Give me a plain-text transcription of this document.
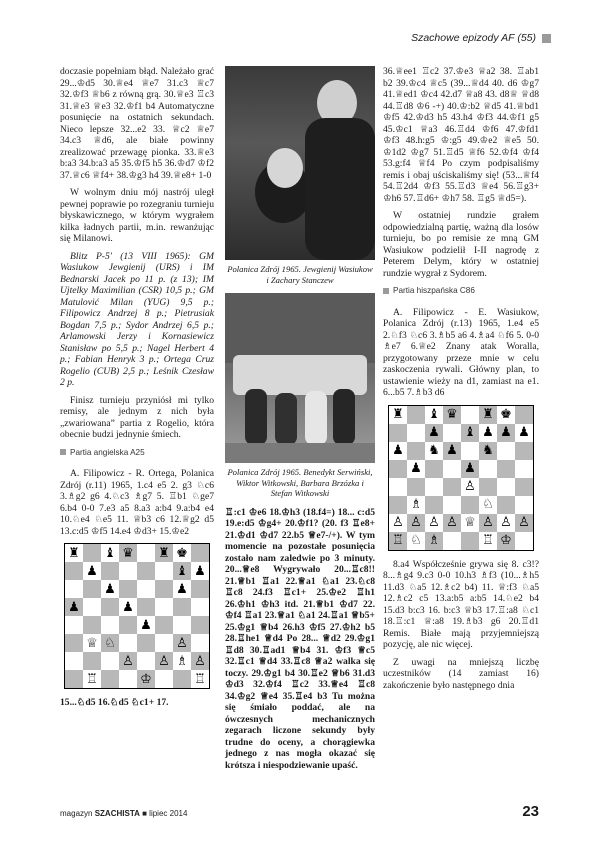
Szachowe epizody AF (55)

doczasie popełniam błąd. Należało grać 29...♔d5 30.♕e4 ♕e7 31.c3 ♕c7 32.♔f3 ♕b6 z równą grą. 30.♕e3 ♖c3 31.♕e3 ♕e3 32.♔f1 b4 Automatyczne posunięcie na ostatnich sekundach. Nieco lepsze 32...e2 33. ♕c2 ♕e7 34.c3 ♕d6, ale białe powinny zrealizować przewagę pionka. 33.♕e3 b:a3 34.b:a3 a5 35.♔f5 h5 36.♔d7 ♔f2 37.♕c6 ♕f4+ 38.♔g3 h4 39.♕e8+ 1-0

W wolnym dniu mój nastrój uległ pewnej poprawie po rozegraniu turnieju błyskawicznego, w którym wygrałem kilka ładnych partii, m.in. rewanżując się Milanowi.

Blitz P-5' (13 VIII 1965): GM Wasiukow Jewgienij (URS) i IM Bednarski Jacek po 11 p. (z 13); IM Ujtelky Maximilian (CSR) 10,5 p.; GM Matulović Milan (YUG) 9,5 p.; Filipowicz Andrzej 8 p.; Pietrusiak Bogdan 7,5 p.; Sydor Andrzej 6,5 p.; Arlamowski Jerzy i Kornasiewicz Stanisław po 5,5 p.; Nagel Herbert 4 p.; Fabian Henryk 3 p.; Ortega Cruz Rogelio (CUB) 2,5 p.; Leśnik Czesław 2 p.

Finisz turnieju przyniósł mi tylko remisy, ale jednym z nich była „zwariowana” partia z Rogelio, która obecnie budzi jednynie śmiech.

Partia angielska A25

A. Filipowicz - R. Ortega, Polanica Zdrój (r.11) 1965, 1.c4 e5 2. g3 ♘c6 3.♗g2 g6 4.♘c3 ♗g7 5. ♖b1 ♘ge7 6.b4 0-0 7.e3 a5 8.a3 a:b4 9.a:b4 e4 10.♘e4 ♘e5 11. ♕b3 c6 12.♕g2 d5 13.c:d5 ♔f5 14.e4 ♔d3+ 15.♔e2

♜ ♝ ♛ ♜ ♚
♟	♝ ♟
♟	♟
♟	♟
♟
♕ ♘	♙
♙ ♙ ♗ ♙
♖	♔	♖

15...♘d5 16.♘d5 ♘c1+ 17.

Polanica Zdrój 1965. Jewgienij Wasiukow i Zachary Stanczew
Polanica Zdrój 1965. Benedykt Serwiński, Wiktor Witkowski, Barbara Brzózka i Stefan Witkowski

♖:c1 ♔e6 18.♔h3 (18.f4=) 18... c:d5 19.e:d5 ♔g4+ 20.♔f1? (20. f3 ♖e8+ 21.♔d1 ♔d7 22.b5 ♕e7-/+). W tym momencie na pozostałe posunięcia zostało nam zaledwie po 3 minuty. 20...♕e8 Wygrywało 20...♖c8!! 21.♕b1 ♖a1 22.♕a1 ♘a1 23.♘c8 ♖c8 24.f3 ♖c1+ 25.♔e2 ♖h1 26.♔h1 ♔h3 itd. 21.♕b1 ♔d7 22. ♔f4 ♖a1 23.♕a1 ♘a1 24.♖a1 ♕b5+ 25.♔g1 ♕b4 26.h3 ♔f5 27.♔h2 b5 28.♖he1 ♕d4 Po 28... ♕d2 29.♔g1 ♖d8 30.♖ad1 ♕b4 31. ♔f3 ♕c5 32.♖c1 ♕d4 33.♖c8 ♕a2 walka się toczy. 29.♔g1 b4 30.♖e2 ♕b6 31.d3 ♔d3 32.♔f4 ♖c2 33.♕e4 ♖c8 34.♔g2 ♕e4 35.♖e4 b3 Tu można się śmiało poddać, ale na ówczesnych mechanicznych zegarach liczone sekundy były trudne do oceny, a chorągiewka jednego z nas mogła okazać się krótsza i niespodziewanie upaść.

36.♕ee1 ♖c2 37.♔e3 ♕a2 38. ♖ab1 b2 39.♔c4 ♕c5 (39...♕d4 40. d6 ♔g7 41.♕ed1 ♔c4 42.d7 ♕a8 43. d8♕ ♕d8 44.♖d8 ♔6 -+) 40.♔:b2 ♕d5 41.♕bd1 ♔f5 42.♔d3 h5 43.h4 ♔f3 44.♔f1 g5 45.♔c1 ♕a3 46.♖d4 ♔f6 47.♔fd1 ♔f3 48.h:g5 ♔:g5 49.♔e2 ♕e5 50. ♔1d2 ♔g7 51.♖d5 ♕f6 52.♔f4 ♔f4 53.g:f4 ♕f4 Po czym podpisaliśmy remis i obaj uściskaliśmy się! (53...♕f4 54.♖2d4 ♔f3 55.♖d3 ♕e4 56.♖g3+ ♔h6 57.♖d6+ ♔h7 58. ♖g5 ♕d5=).

W ostatniej rundzie grałem odpowiedzialną partię, ważną dla losów turnieju, bo po remisie ze mną GM Wasiukow podzielił I-II nagrodę z Peterem Delym, który w ostatniej rundzie wygrał z Sydorem.

Partia hiszpańska C86

A. Filipowicz - E. Wasiukow, Polanica Zdrój (r.13) 1965, 1.e4 e5 2.♘f3 ♘c6 3.♗b5 a6 4.♗a4 ♘f6 5. 0-0 ♗e7 6.♕e2 Znany atak Woralla, przygotowany przeze mnie w celu zaskoczenia rywali. Główny plan, to ustawienie wieży na d1, zamiast na e1. 6...b5 7.♗b3 d6

♜ ♝ ♛ ♜ ♚
♟ ♝ ♟ ♟ ♟
♟ ♞ ♟ ♞
♟	♟
♙
♗	♘
♙ ♙ ♙ ♙ ♕ ♙ ♙ ♙
♖ ♘ ♗	♖ ♔

8.a4 Współcześnie grywa się 8. c3!? 8...♗g4 9.c3 0-0 10.h3 ♗f3 (10...♗h5 11.d3 ♘a5 12.♗c2 b4) 11. ♕:f3 ♘a5 12.♗c2 c5 13.a:b5 a:b5 14.♘e2 b4 15.d3 b:c3 16. b:c3 ♕b3 17.♖:a8 ♘c1 18.♖:c1 ♕:a8 19.♗b3 g6 20.♖d1 Remis. Białe mają przyjemniejszą pozycję, ale nic więcej.

Z uwagi na mniejszą liczbę uczestników (14 zamiast 16) zakończenie było następnego dnia

magazyn SZACHISTA ■ lipiec 2014	23
